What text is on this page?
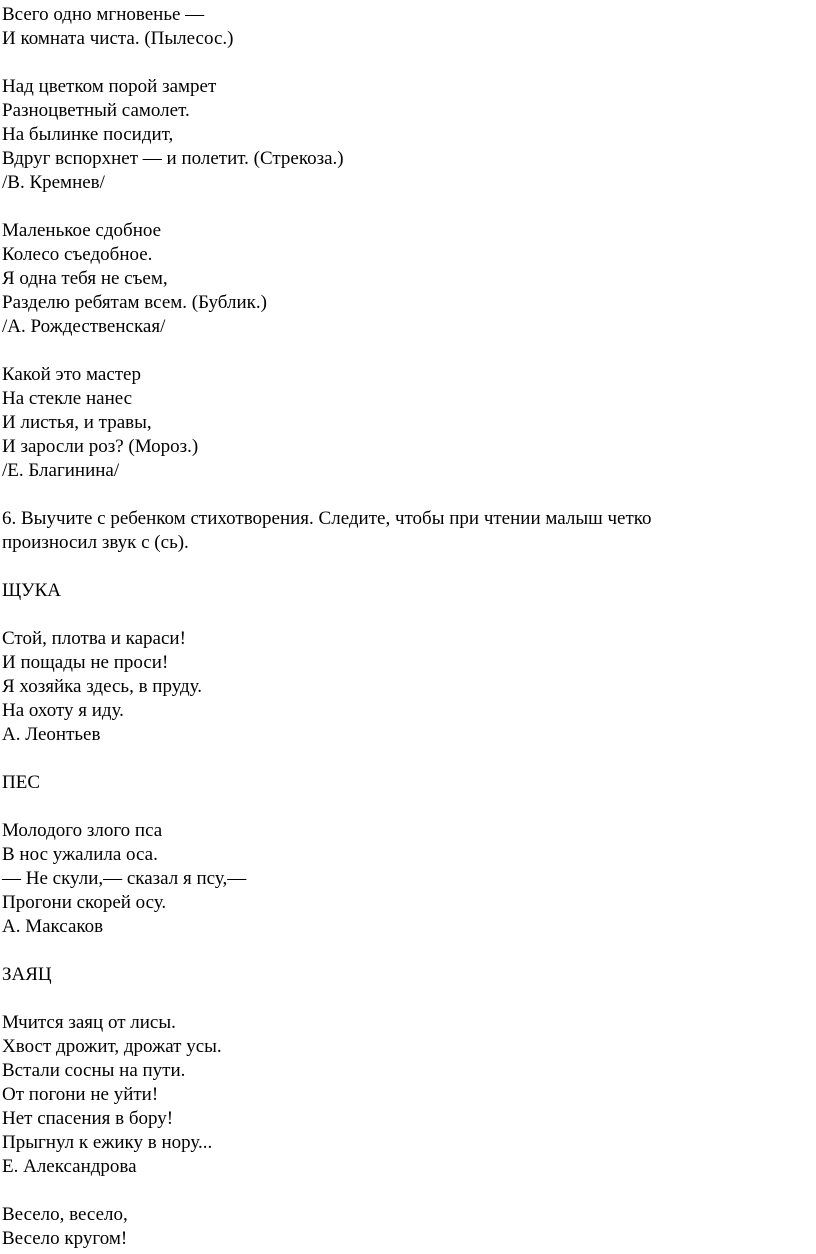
Всего одно мгновенье —
И комната чиста. (Пылесос.)
Над цветком порой замрет
Разноцветный самолет.
На былинке посидит,
Вдруг вспорхнет — и полетит. (Стрекоза.)
/В. Кремнев/
Маленькое сдобное
Колесо съедобное.
Я одна тебя не съем,
Разделю ребятам всем. (Бублик.)
/А. Рождественская/
Какой это мастер
На стекле нанес
И листья, и травы,
И заросли роз? (Мороз.)
/Е. Благинина/
6. Выучите с ребенком стихотворения. Следите, чтобы при чтении малыш четко
произносил звук с (сь).
ЩУКА
Стой, плотва и караси!
И пощады не проси!
Я хозяйка здесь, в пруду.
На охоту я иду.
А. Леонтьев
ПЕС
Молодого злого пса
В нос ужалила оса.
— Не скули,— сказал я псу,—
Прогони скорей осу.
А. Максаков
ЗАЯЦ
Мчится заяц от лисы.
Хвост дрожит, дрожат усы.
Встали сосны на пути.
От погони не уйти!
Нет спасения в бору!
Прыгнул к ежику в нору...
Е. Александрова
Весело, весело,
Весело кругом!
